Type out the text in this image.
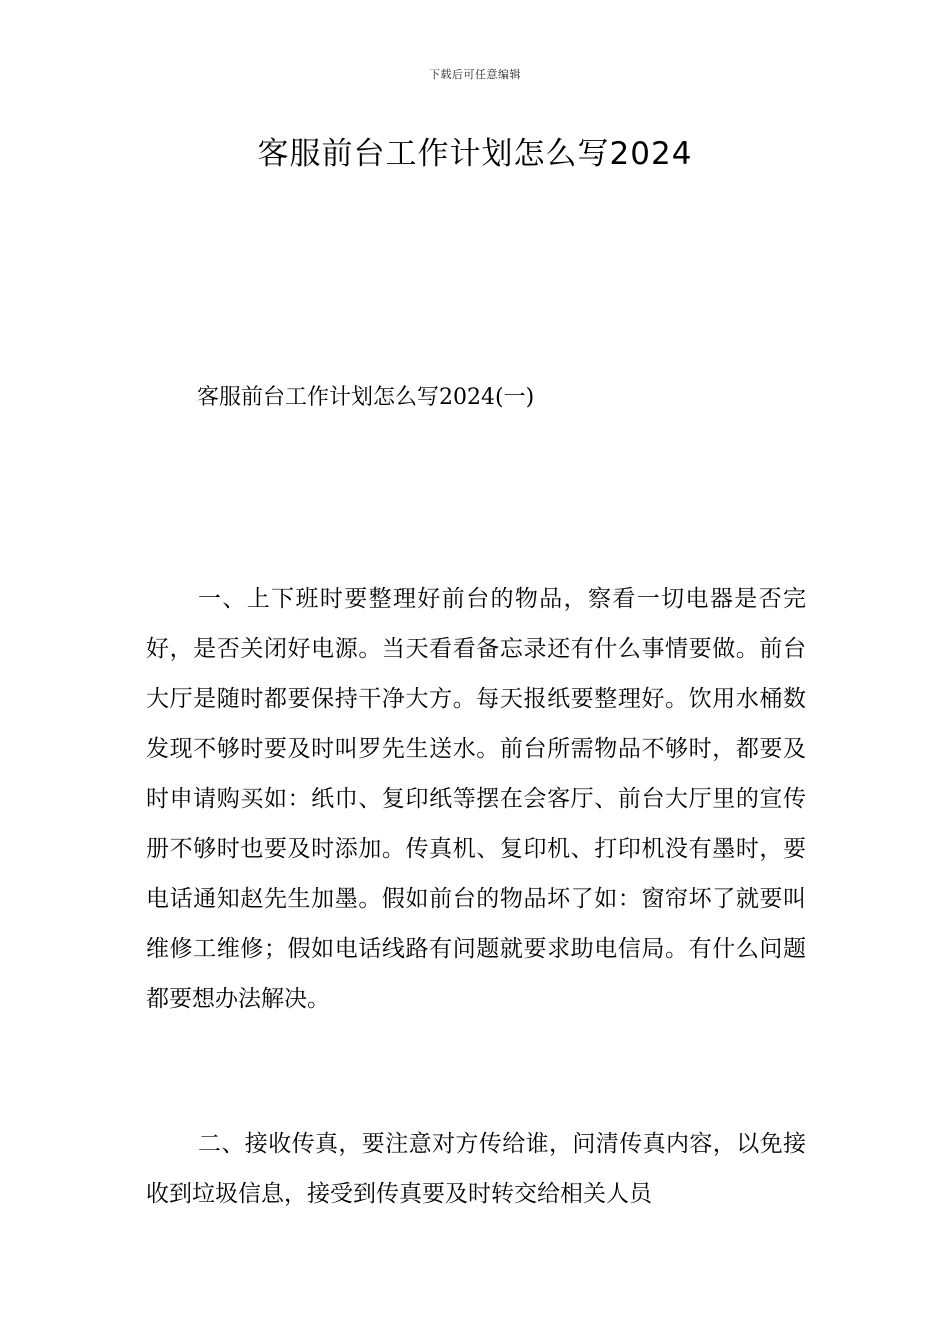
下载后可任意编辑
客服前台工作计划怎么写2024
客服前台工作计划怎么写2024(一)

一、上下班时要整理好前台的物品，察看一切电器是否完好，是否关闭好电源。当天看看备忘录还有什么事情要做。前台大厅是随时都要保持干净大方。每天报纸要整理好。饮用水桶数发现不够时要及时叫罗先生送水。前台所需物品不够时，都要及时申请购买如：纸巾、复印纸等摆在会客厅、前台大厅里的宣传册不够时也要及时添加。传真机、复印机、打印机没有墨时，要电话通知赵先生加墨。假如前台的物品坏了如：窗帘坏了就要叫维修工维修；假如电话线路有问题就要求助电信局。有什么问题都要想办法解决。

二、接收传真，要注意对方传给谁，问清传真内容，以免接收到垃圾信息，接受到传真要及时转交给相关人员
